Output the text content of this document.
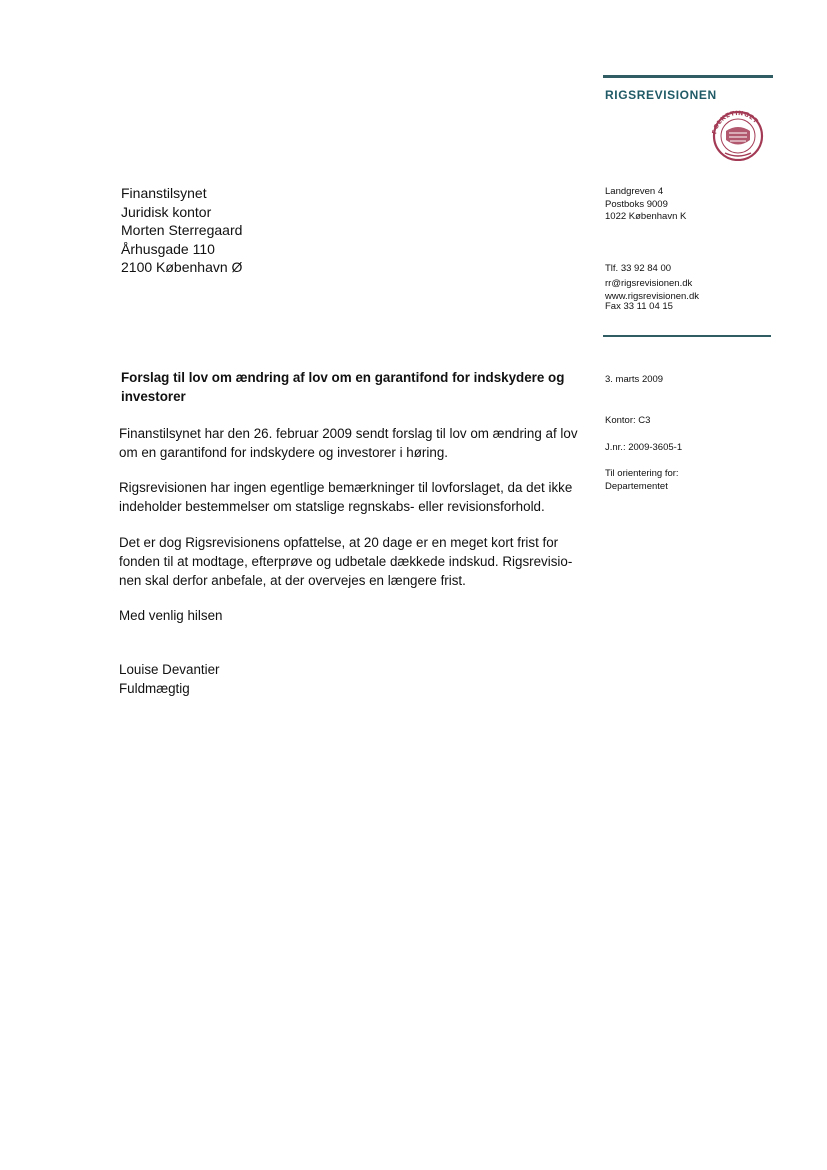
RIGSREVISIONEN
FOLKETINGET
Landgreven 4
Postboks 9009
1022 København K

Tlf. 33 92 84 00

Fax 33 11 04 15

rr@rigsrevisionen.dk
www.rigsrevisionen.dk
Finanstilsynet
Juridisk kontor
Morten Sterregaard
Århusgade 110
2100 København Ø
3. marts 2009
Kontor: C3
J.nr.: 2009-3605-1
Til orientering for:
Departementet
Forslag til lov om ændring af lov om en garantifond for indskydere og
investorer
Finanstilsynet har den 26. februar 2009 sendt forslag til lov om ændring af lov
om en garantifond for indskydere og investorer i høring.
Rigsrevisionen har ingen egentlige bemærkninger til lovforslaget, da det ikke
indeholder bestemmelser om statslige regnskabs- eller revisionsforhold.
Det er dog Rigsrevisionens opfattelse, at 20 dage er en meget kort frist for
fonden til at modtage, efterprøve og udbetale dækkede indskud. Rigsrevisio-
nen skal derfor anbefale, at der overvejes en længere frist.
Med venlig hilsen
Louise Devantier
Fuldmægtig
